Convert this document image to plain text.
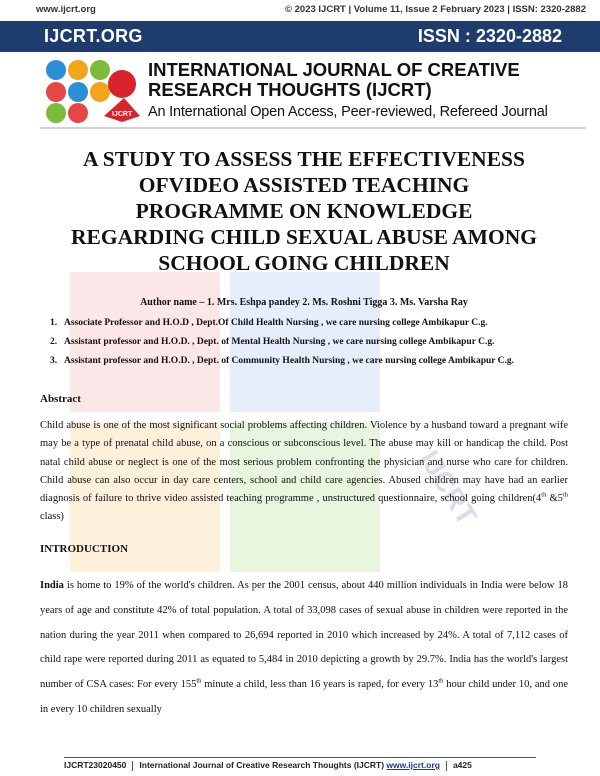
www.ijcrt.org	© 2023 IJCRT | Volume 11, Issue 2 February 2023 | ISSN: 2320-2882
IJCRT.ORG	ISSN : 2320-2882
IJCRT
INTERNATIONAL JOURNAL OF CREATIVE
RESEARCH THOUGHTS (IJCRT)
An International Open Access, Peer-reviewed, Refereed Journal
IJCRT
A STUDY TO ASSESS THE EFFECTIVENESS
OFVIDEO ASSISTED TEACHING
PROGRAMME ON KNOWLEDGE
REGARDING CHILD SEXUAL ABUSE AMONG
SCHOOL GOING CHILDREN
Author name – 1. Mrs. Eshpa pandey 2. Ms. Roshni Tigga 3. Ms. Varsha Ray
1. Associate Professor and H.O.D , Dept.Of Child Health Nursing , we care nursing college Ambikapur C.g.
2. Assistant professor and H.O.D. , Dept. of Mental Health Nursing , we care nursing college Ambikapur C.g.
3. Assistant professor and H.O.D. , Dept. of Community Health Nursing , we care nursing college Ambikapur C.g.
Abstract
Child abuse is one of the most significant social problems affecting children. Violence by a husband toward a pregnant wife may be a type of prenatal child abuse, on a conscious or subconscious level. The abuse may kill or handicap the child. Post natal child abuse or neglect is one of the most serious problem confronting the physician and nurse who care for children. Child abuse can also occur in day care centers, school and child care agencies. Abused children may have had an earlier diagnosis of failure to thrive video assisted teaching programme , unstructured questionnaire, school going children(4th &5th class)
INTRODUCTION
India is home to 19% of the world's children. As per the 2001 census, about 440 million individuals in India were below 18 years of age and constitute 42% of total population. A total of 33,098 cases of sexual abuse in children were reported in the nation during the year 2011 when compared to 26,694 reported in 2010 which increased by 24%. A total of 7,112 cases of child rape were reported during 2011 as equated to 5,484 in 2010 depicting a growth by 29.7%. India has the world's largest number of CSA cases: For every 155th minute a child, less than 16 years is raped, for every 13th hour child under 10, and one in every 10 children sexually
IJCRT23020450 International Journal of Creative Research Thoughts (IJCRT) www.ijcrt.org a425
